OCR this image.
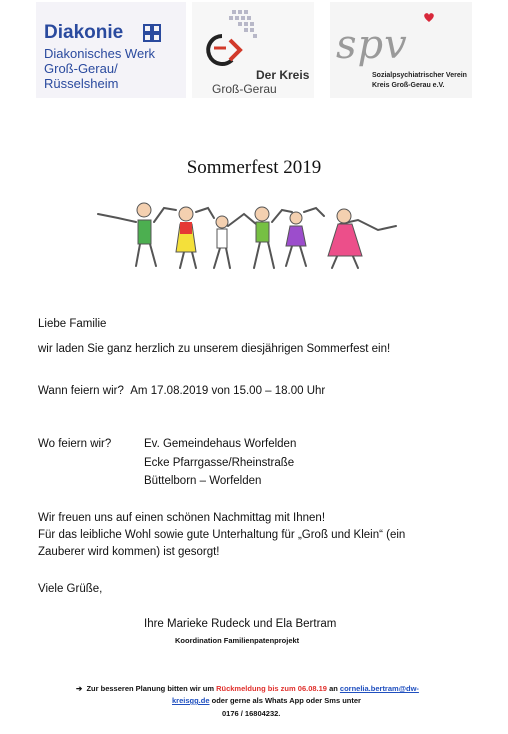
Diakonie
Diakonisches Werk
Groß-Gerau/
Rüsselsheim
Der Kreis
Groß-Gerau
spv
Sozialpsychiatrischer Verein
Kreis Groß-Gerau e.V.
Sommerfest 2019
Liebe Familie
wir laden Sie ganz herzlich zu unserem diesjährigen Sommerfest ein!
Wann feiern wir? Am 17.08.2019 von 15.00 – 18.00 Uhr
Wo feiern wir?	Ev. Gemeindehaus Worfelden
Ecke Pfarrgasse/Rheinstraße
Büttelborn – Worfelden
Wir freuen uns auf einen schönen Nachmittag mit Ihnen!
Für das leibliche Wohl sowie gute Unterhaltung für „Groß und Klein“ (ein
Zauberer wird kommen) ist gesorgt!
Viele Grüße,
Ihre Marieke Rudeck und Ela Bertram
Koordination Familienpatenprojekt
➔ Zur besseren Planung bitten wir um Rückmeldung bis zum 06.08.19 an cornelia.bertram@dw-
kreisgg.de oder gerne als Whats App oder Sms unter
0176 / 16804232.
